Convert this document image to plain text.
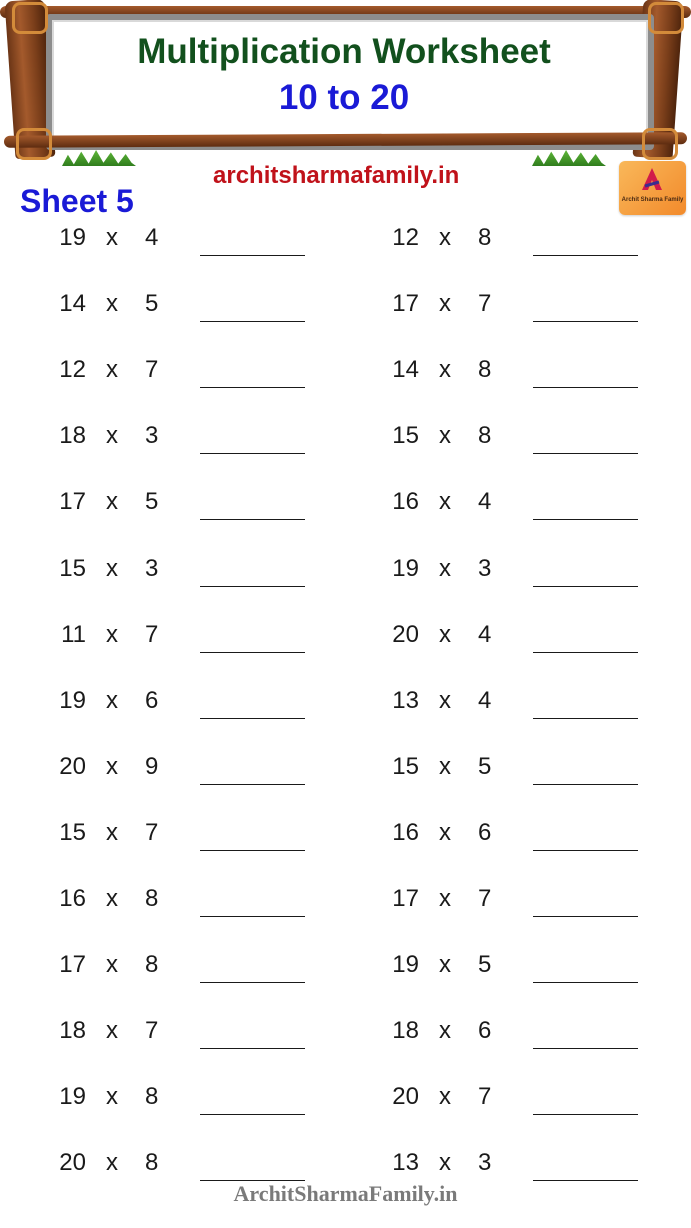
Multiplication Worksheet
10 to 20
architsharmafamily.in
Sheet 5	Archit Sharma Family
19 x 4
14 x 5
12 x 7
18 x 3
17 x 5
15 x 3
11 x 7
19 x 6
20 x 9
15 x 7
16 x 8
17 x 8
18 x 7
19 x 8
20 x 8
12 x 8
17 x 7
14 x 8
15 x 8
16 x 4
19 x 3
20 x 4
13 x 4
15 x 5
16 x 6
17 x 7
19 x 5
18 x 6
20 x 7
13 x 3
ArchitSharmaFamily.in
